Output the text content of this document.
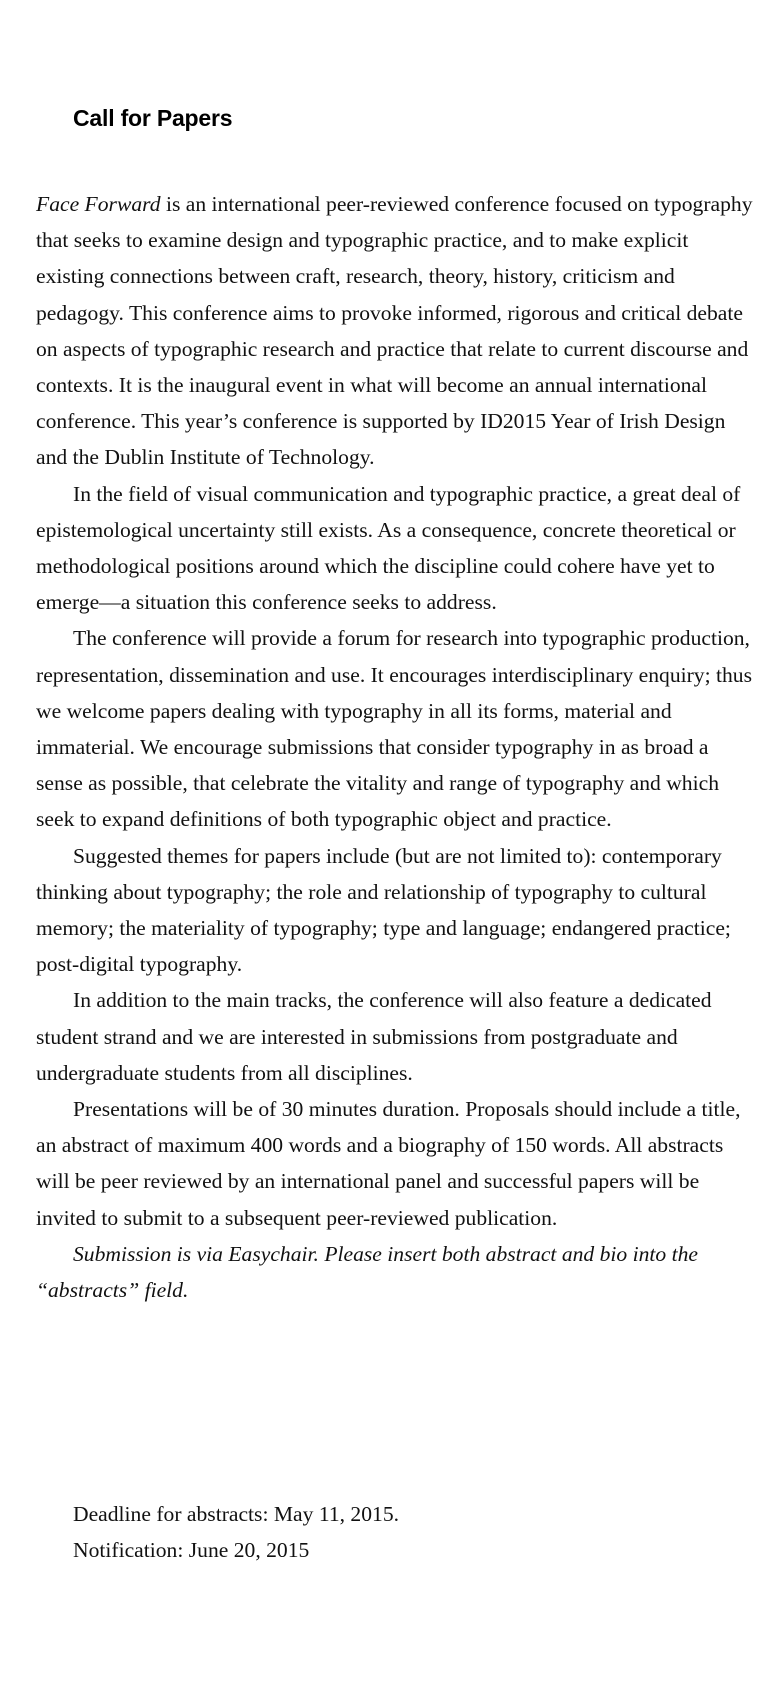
Call for Papers

Face Forward is an international peer-reviewed conference focused on typography that seeks to examine design and typographic practice, and to make explicit existing connections between craft, research, theory, history, criticism and pedagogy. This conference aims to provoke informed, rigorous and critical debate on aspects of typographic research and practice that relate to current discourse and contexts. It is the inaugural event in what will become an annual international conference. This year’s conference is supported by ID2015 Year of Irish Design and the Dublin Institute of Technology.

In the field of visual communication and typographic practice, a great deal of epistemological uncertainty still exists. As a consequence, concrete theoretical or methodological positions around which the discipline could cohere have yet to emerge—a situation this conference seeks to address.

The conference will provide a forum for research into typographic production, representation, dissemination and use. It encourages interdisciplinary enquiry; thus we welcome papers dealing with typography in all its forms, material and immaterial. We encourage submissions that consider typography in as broad a sense as possible, that celebrate the vitality and range of typography and which seek to expand definitions of both typographic object and practice.

Suggested themes for papers include (but are not limited to): contemporary thinking about typography; the role and relationship of typography to cultural memory; the materiality of typography; type and language; endangered practice; post-digital typography.

In addition to the main tracks, the conference will also feature a dedicated student strand and we are interested in submissions from postgraduate and undergraduate students from all disciplines.

Presentations will be of 30 minutes duration. Proposals should include a title, an abstract of maximum 400 words and a biography of 150 words. All abstracts will be peer reviewed by an international panel and successful papers will be invited to submit to a subsequent peer-reviewed publication.

Submission is via Easychair. Please insert both abstract and bio into the “abstracts” field.

Deadline for abstracts: May 11, 2015.
Notification: June 20, 2015
